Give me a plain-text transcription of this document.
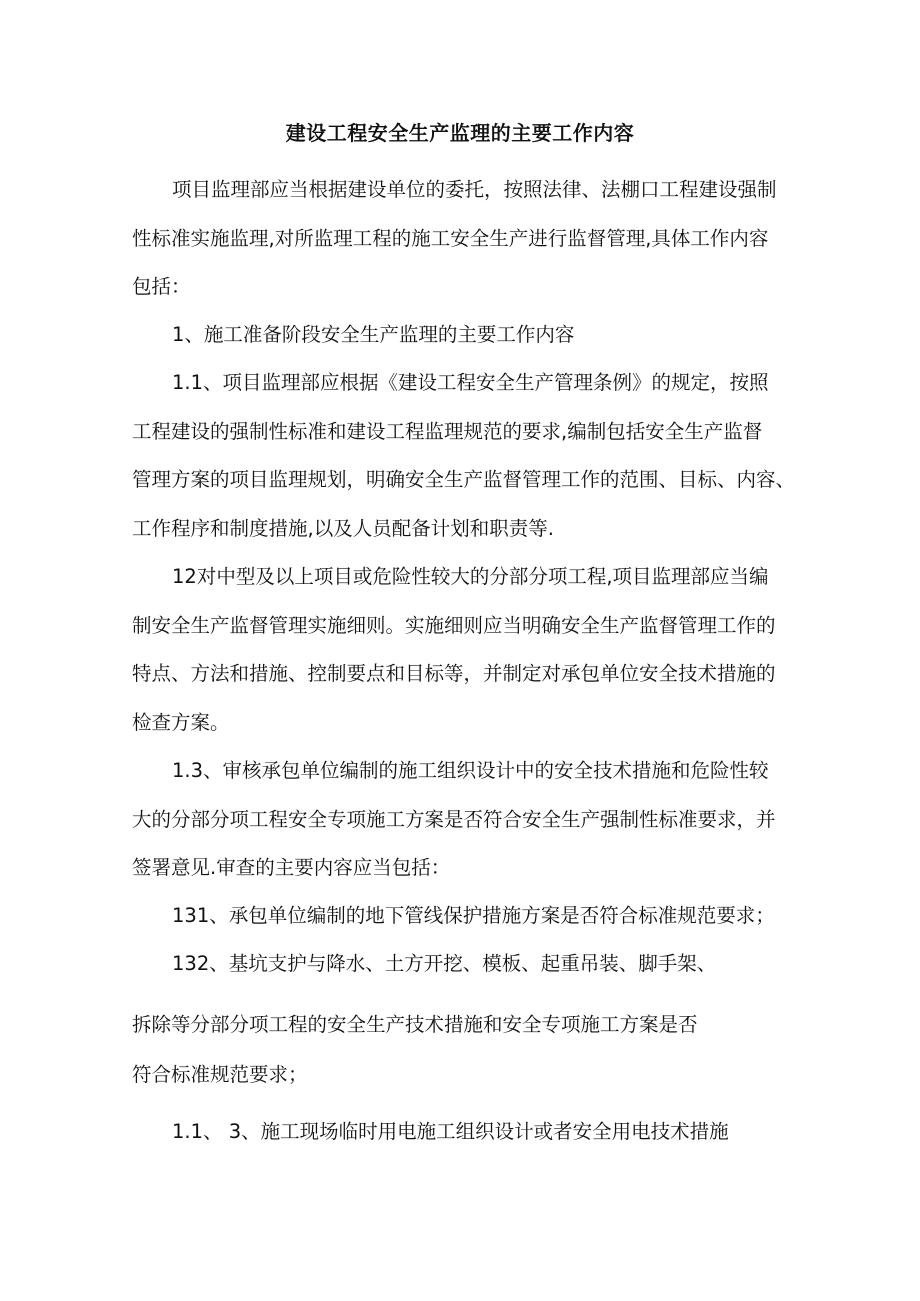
建设工程安全生产监理的主要工作内容
项目监理部应当根据建设单位的委托，按照法律、法棚口工程建设强制
性标准实施监理,对所监理工程的施工安全生产进行监督管理,具体工作内容
包括：
1、施工准备阶段安全生产监理的主要工作内容
1.1、项目监理部应根据《建设工程安全生产管理条例》的规定，按照
工程建设的强制性标准和建设工程监理规范的要求,编制包括安全生产监督
管理方案的项目监理规划，明确安全生产监督管理工作的范围、目标、内容、
工作程序和制度措施,以及人员配备计划和职责等.
12对中型及以上项目或危险性较大的分部分项工程,项目监理部应当编
制安全生产监督管理实施细则。实施细则应当明确安全生产监督管理工作的
特点、方法和措施、控制要点和目标等，并制定对承包单位安全技术措施的
检查方案。
1.3、审核承包单位编制的施工组织设计中的安全技术措施和危险性较
大的分部分项工程安全专项施工方案是否符合安全生产强制性标准要求，并
签署意见.审查的主要内容应当包括：
131、承包单位编制的地下管线保护措施方案是否符合标准规范要求；
132、基坑支护与降水、土方开挖、模板、起重吊装、脚手架、
拆除等分部分项工程的安全生产技术措施和安全专项施工方案是否
符合标准规范要求；
1.1、 3、施工现场临时用电施工组织设计或者安全用电技术措施
